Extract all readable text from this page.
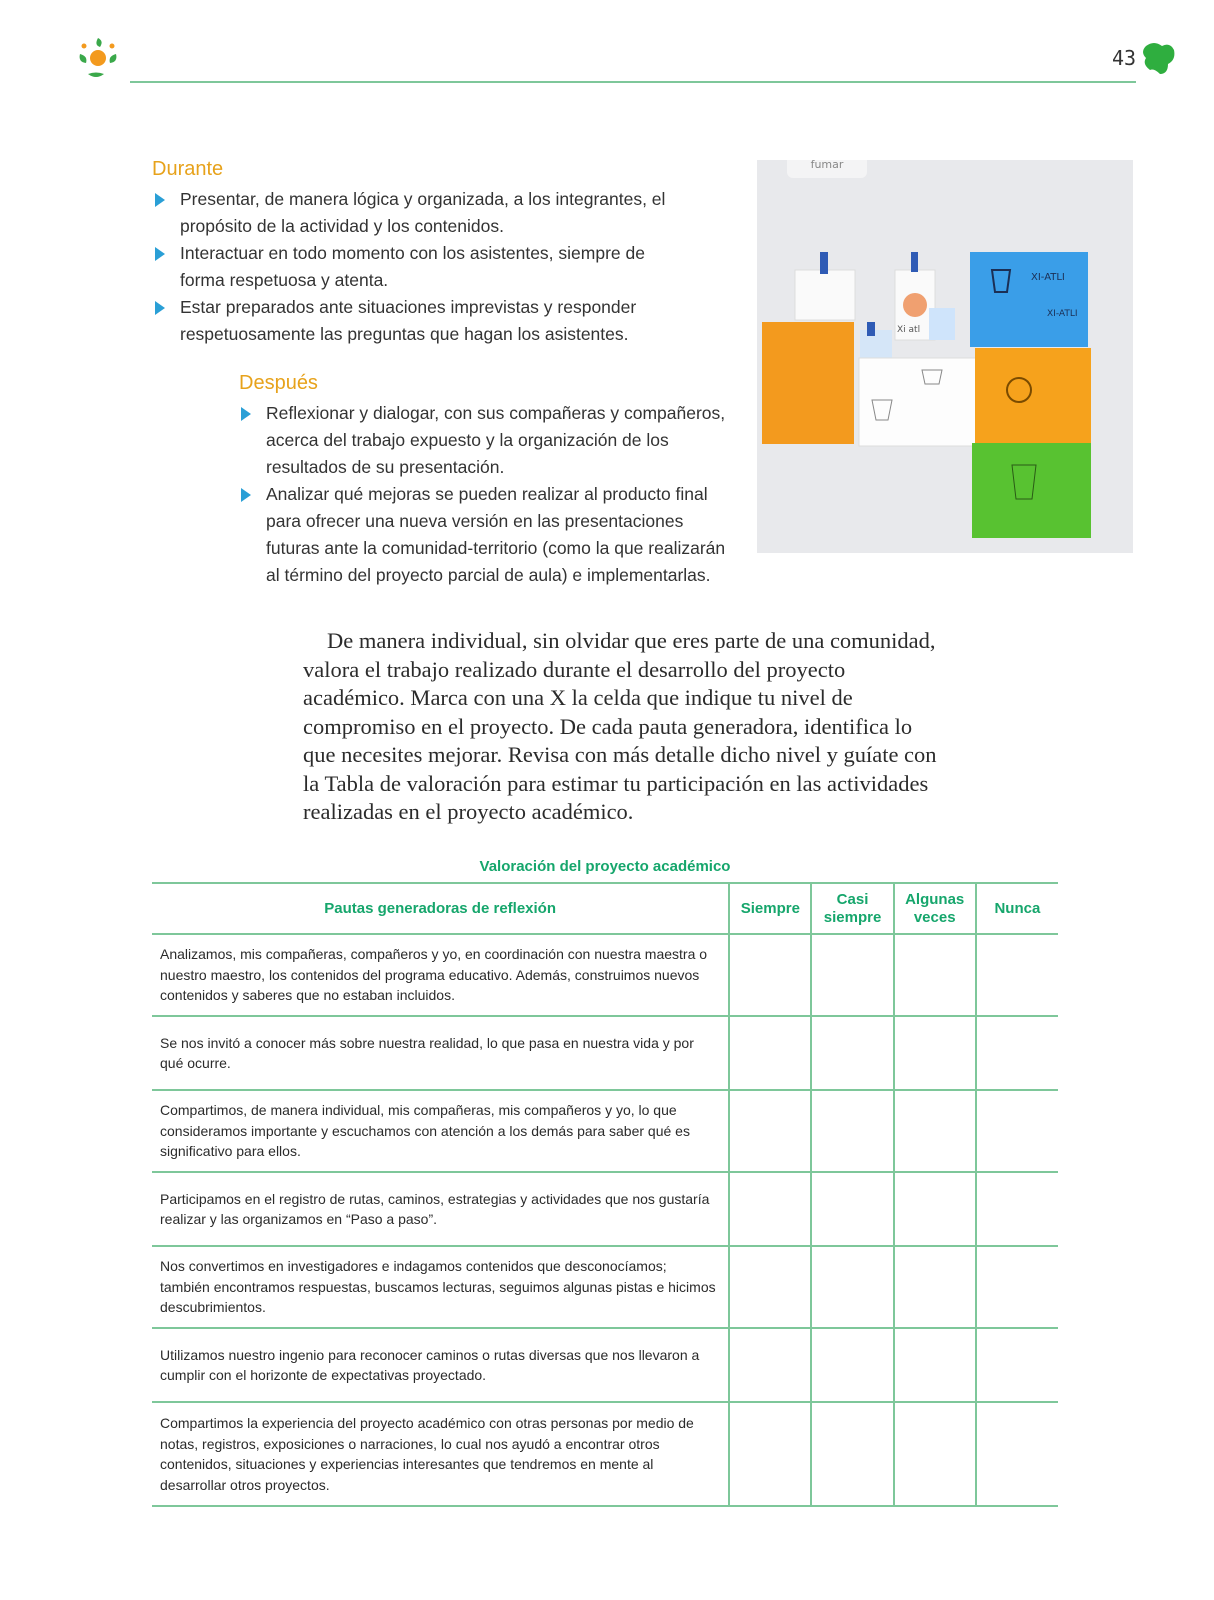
43
Durante
Presentar, de manera lógica y organizada, a los integrantes, el propósito de la actividad y los contenidos.
Interactuar en todo momento con los asistentes, siempre de forma respetuosa y atenta.
Estar preparados ante situaciones imprevistas y responder respetuosamente las preguntas que hagan los asistentes.
Después
Reflexionar y dialogar, con sus compañeras y compañeros, acerca del trabajo expuesto y la organización de los resultados de su presentación.
Analizar qué mejoras se pueden realizar al producto final para ofrecer una nueva versión en las presentaciones futuras ante la comunidad-territorio (como la que realizarán al término del proyecto parcial de aula) e implementarlas.
fumar
Xi atl
XI-ATLI
XI-ATLI

De manera individual, sin olvidar que eres parte de una comunidad, valora el trabajo realizado durante el desarrollo del proyecto académico. Marca con una X la celda que indique tu nivel de compromiso en el proyecto. De cada pauta generadora, identifica lo que necesites mejorar. Revisa con más detalle dicho nivel y guíate con la Tabla de valoración para estimar tu participación en las actividades realizadas en el proyecto académico.

Valoración del proyecto académico
Pautas generadoras de reflexión	Siempre	Casi siempre	Algunas veces	Nunca
Analizamos, mis compañeras, compañeros y yo, en coordinación con nuestra maestra o nuestro maestro, los contenidos del programa educativo. Además, construimos nuevos contenidos y saberes que no estaban incluidos.				
Se nos invitó a conocer más sobre nuestra realidad, lo que pasa en nuestra vida y por qué ocurre.				
Compartimos, de manera individual, mis compañeras, mis compañeros y yo, lo que consideramos importante y escuchamos con atención a los demás para saber qué es significativo para ellos.				
Participamos en el registro de rutas, caminos, estrategias y actividades que nos gustaría realizar y las organizamos en “Paso a paso”.				
Nos convertimos en investigadores e indagamos contenidos que desconocíamos; también encontramos respuestas, buscamos lecturas, seguimos algunas pistas e hicimos descubrimientos.				
Utilizamos nuestro ingenio para reconocer caminos o rutas diversas que nos llevaron a cumplir con el horizonte de expectativas proyectado.				
Compartimos la experiencia del proyecto académico con otras personas por medio de notas, registros, exposiciones o narraciones, lo cual nos ayudó a encontrar otros contenidos, situaciones y experiencias interesantes que tendremos en mente al desarrollar otros proyectos.				
